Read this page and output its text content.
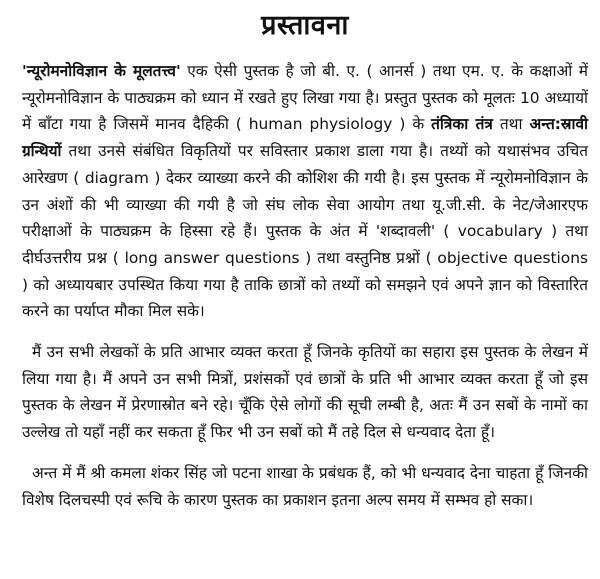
प्रस्तावना

'न्यूरोमनोविज्ञान के मूलतत्त्व' एक ऐसी पुस्तक है जो बी. ए. ( आनर्स ) तथा एम. ए. के कक्षाओं में न्यूरोमनोविज्ञान के पाठ्यक्रम को ध्यान में रखते हुए लिखा गया है। प्रस्तुत पुस्तक को मूलतः 10 अध्यायों में बाँटा गया है जिसमें मानव दैहिकी ( human physiology ) के तंत्रिका तंत्र तथा अन्त:स्रावी ग्रन्थियों तथा उनसे संबंधित विकृतियों पर सविस्तार प्रकाश डाला गया है। तथ्यों को यथासंभव उचित आरेखण ( diagram ) देकर व्याख्या करने की कोशिश की गयी है। इस पुस्तक में न्यूरोमनोविज्ञान के उन अंशों की भी व्याख्या की गयी है जो संघ लोक सेवा आयोग तथा यू.जी.सी. के नेट/जेआरएफ परीक्षाओं के पाठ्यक्रम के हिस्सा रहे हैं। पुस्तक के अंत में 'शब्दावली' ( vocabulary ) तथा दीर्घउत्तरीय प्रश्न ( long answer questions ) तथा वस्तुनिष्ठ प्रश्नों ( objective questions ) को अध्यायबार उपस्थित किया गया है ताकि छात्रों को तथ्यों को समझने एवं अपने ज्ञान को विस्तारित करने का पर्याप्त मौका मिल सके।

मैं उन सभी लेखकों के प्रति आभार व्यक्त करता हूँ जिनके कृतियों का सहारा इस पुस्तक के लेखन में लिया गया है। मैं अपने उन सभी मित्रों, प्रशंसकों एवं छात्रों के प्रति भी आभार व्यक्त करता हूँ जो इस पुस्तक के लेखन में प्रेरणास्रोत बने रहे। चूँकि ऐसे लोगों की सूची लम्बी है, अतः मैं उन सबों के नामों का उल्लेख तो यहाँ नहीं कर सकता हूँ फिर भी उन सबों को मैं तहे दिल से धन्यवाद देता हूँ।

अन्त में मैं श्री कमला शंकर सिंह जो पटना शाखा के प्रबंधक हैं, को भी धन्यवाद देना चाहता हूँ जिनकी विशेष दिलचस्पी एवं रूचि के कारण पुस्तक का प्रकाशन इतना अल्प समय में सम्भव हो सका।
